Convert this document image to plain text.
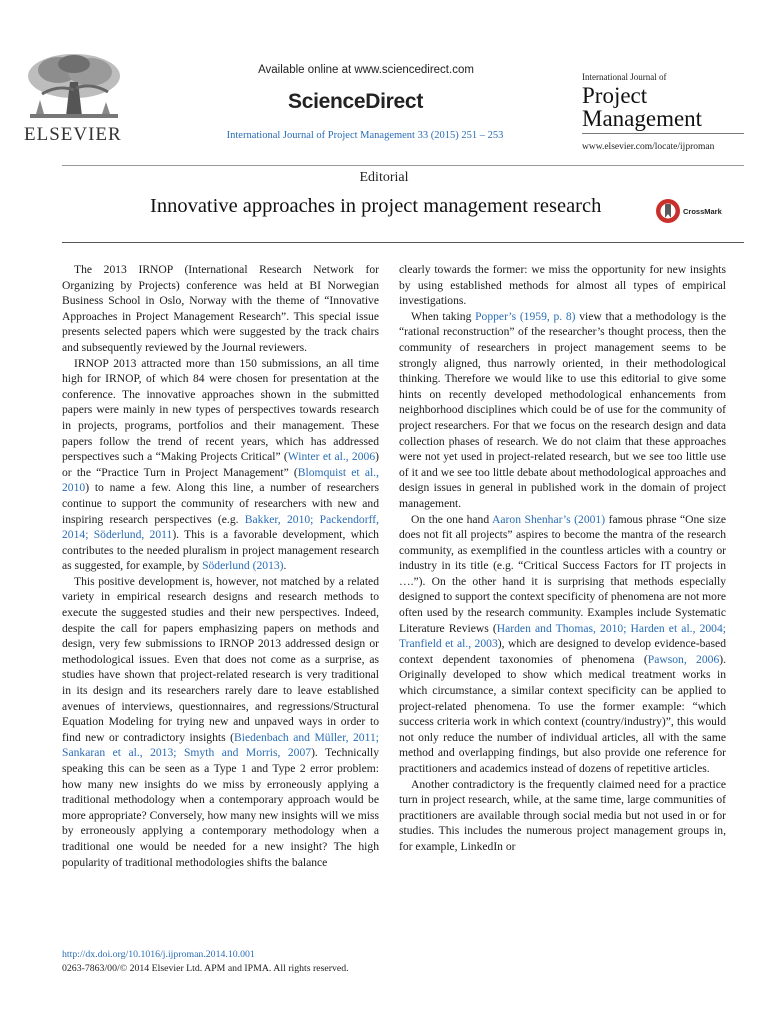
ELSEVIER
Available online at www.sciencedirect.com
ScienceDirect
International Journal of Project Management 33 (2015) 251 – 253
International Journal of
Project
Management
www.elsevier.com/locate/ijproman
Editorial
Innovative approaches in project management research	CrossMark

The 2013 IRNOP (International Research Network for Organizing by Projects) conference was held at BI Norwegian Business School in Oslo, Norway with the theme of “Innovative Approaches in Project Management Research”. This special issue presents selected papers which were suggested by the track chairs and subsequently reviewed by the Journal reviewers.

IRNOP 2013 attracted more than 150 submissions, an all time high for IRNOP, of which 84 were chosen for presentation at the conference. The innovative approaches shown in the submitted papers were mainly in new types of perspectives towards research in projects, programs, portfolios and their management. These papers follow the trend of recent years, which has addressed perspectives such a “Making Projects Critical” (Winter et al., 2006) or the “Practice Turn in Project Management” (Blomquist et al., 2010) to name a few. Along this line, a number of researchers continue to support the community of researchers with new and inspiring research perspectives (e.g. Bakker, 2010; Packendorff, 2014; Söderlund, 2011). This is a favorable development, which contributes to the needed pluralism in project management research as suggested, for example, by Söderlund (2013).

This positive development is, however, not matched by a related variety in empirical research designs and research methods to execute the suggested studies and their new perspectives. Indeed, despite the call for papers emphasizing papers on methods and design, very few submissions to IRNOP 2013 addressed design or methodological issues. Even that does not come as a surprise, as studies have shown that project-related research is very traditional in its design and its researchers rarely dare to leave established avenues of interviews, questionnaires, and regressions/Structural Equation Modeling for trying new and unpaved ways in order to find new or contradictory insights (Biedenbach and Müller, 2011; Sankaran et al., 2013; Smyth and Morris, 2007). Technically speaking this can be seen as a Type 1 and Type 2 error problem: how many new insights do we miss by erroneously applying a traditional methodology when a contemporary approach would be more appropriate? Conversely, how many new insights will we miss by erroneously applying a contemporary methodology when a traditional one would be needed for a new insight? The high popularity of traditional methodologies shifts the balance

clearly towards the former: we miss the opportunity for new insights by using established methods for almost all types of empirical investigations.

When taking Popper’s (1959, p. 8) view that a methodology is the “rational reconstruction” of the researcher’s thought process, then the community of researchers in project management seems to be strongly aligned, thus narrowly oriented, in their methodological thinking. Therefore we would like to use this editorial to give some hints on recently developed methodological enhancements from neighborhood disciplines which could be of use for the community of project researchers. For that we focus on the research design and data collection phases of research. We do not claim that these approaches were not yet used in project-related research, but we see too little use of it and we see too little debate about methodological approaches and design issues in general in published work in the domain of project management.

On the one hand Aaron Shenhar’s (2001) famous phrase “One size does not fit all projects” aspires to become the mantra of the research community, as exemplified in the countless articles with a country or industry in its title (e.g. “Critical Success Factors for IT projects in ….”). On the other hand it is surprising that methods especially designed to support the context specificity of phenomena are not more often used by the research community. Examples include Systematic Literature Reviews (Harden and Thomas, 2010; Harden et al., 2004; Tranfield et al., 2003), which are designed to develop evidence-based context dependent taxonomies of phenomena (Pawson, 2006). Originally developed to show which medical treatment works in which circumstance, a similar context specificity can be applied to project-related phenomena. To use the former example: “which success criteria work in which context (country/industry)”, this would not only reduce the number of individual articles, all with the same method and overlapping findings, but also provide one reference for practitioners and academics instead of dozens of repetitive articles.

Another contradictory is the frequently claimed need for a practice turn in project research, while, at the same time, large communities of practitioners are available through social media but not used in or for studies. This includes the numerous project management groups in, for example, LinkedIn or

http://dx.doi.org/10.1016/j.ijproman.2014.10.001
0263-7863/00/© 2014 Elsevier Ltd. APM and IPMA. All rights reserved.
